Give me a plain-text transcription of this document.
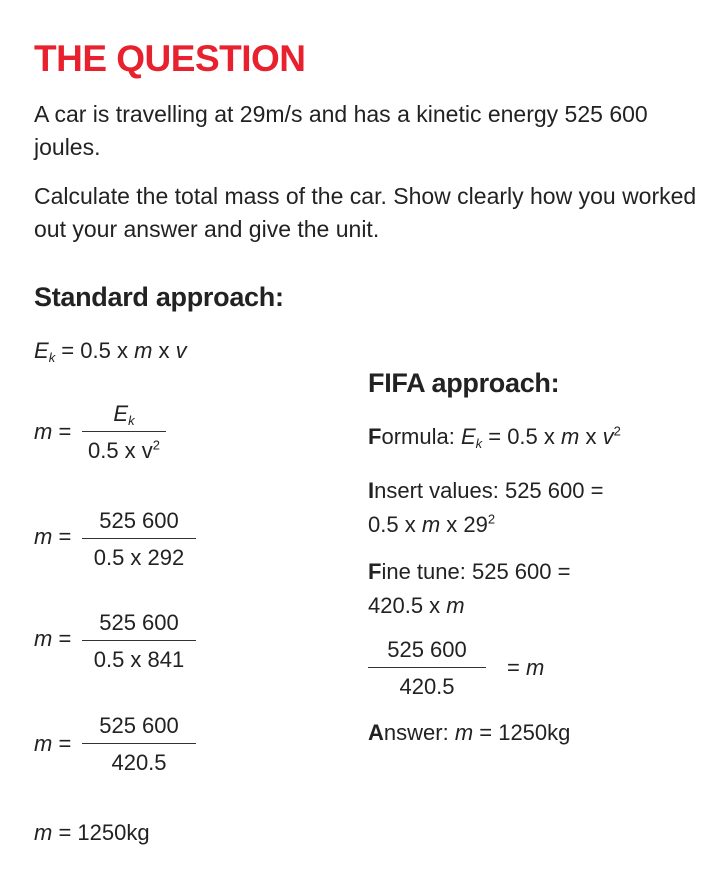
THE QUESTION
A car is travelling at 29m/s and has a kinetic energy 525 600 joules.
Calculate the total mass of the car. Show clearly how you worked out your answer and give the unit.
Standard approach:
$E_k = 0.5$ x m x v
$m = \frac{E_k}{0.5 x v^2}$
$m = \frac{525 600}{0.5 x 292}$
$m = \frac{525 600}{0.5 x 841}$
$m = \frac{525 600}{420.5}$
m = 1250kg
FIFA approach:
Formula: $E_k = 0.5$ x m x $v^2$
Insert values: 525 600 =
0.5 x m x $29^2$
Fine tune: 525 600 =
420.5 x m
$\frac{525 600}{420.5} = m$
Answer: m = 1250kg
